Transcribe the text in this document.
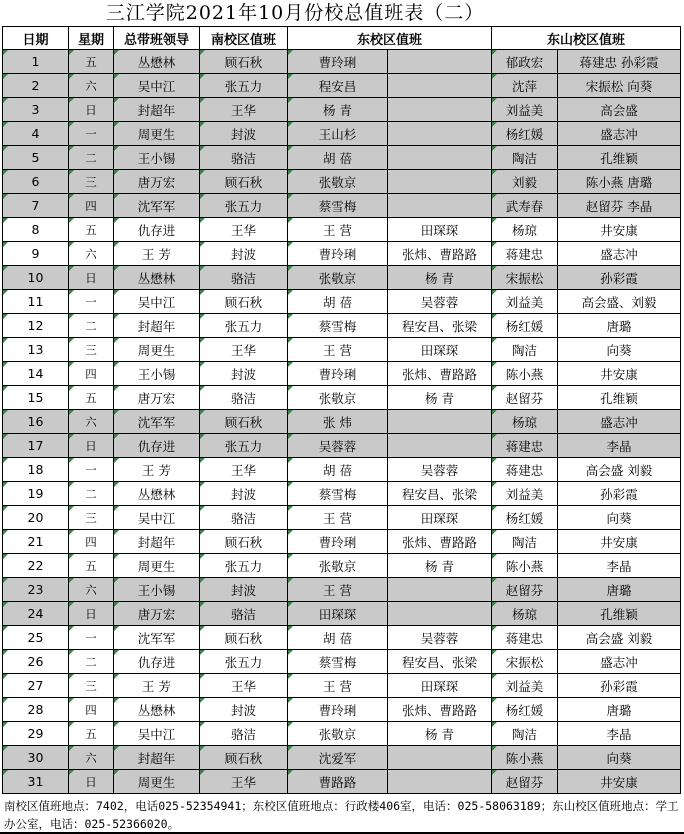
三江学院2021年10月份校总值班表（二）
日期	星期	总带班领导	南校区值班	东校区值班		东山校区值班	
1	五	丛懋林	顾石秋	曹玲琍		郁政宏	蒋建忠 孙彩霞
2	六	吴中江	张五力	程安昌		沈萍	宋振松 向葵
3	日	封超年	王华	杨 青		刘益美	高会盛
4	一	周更生	封波	王山杉		杨红媛	盛志冲
5	二	王小锡	骆洁	胡 蓓		陶洁	孔维颖
6	三	唐万宏	顾石秋	张敬京		刘毅	陈小燕 唐璐
7	四	沈军军	张五力	蔡雪梅		武寿春	赵留芬 李晶
8	五	仇存进	王华	王 营	田琛琛	杨琼	井安康
9	六	王 芳	封波	曹玲琍	张炜、曹路路	蒋建忠	盛志冲
10	日	丛懋林	骆洁	张敬京	杨 青	宋振松	孙彩霞
11	一	吴中江	顾石秋	胡 蓓	吴蓉蓉	刘益美	高会盛、刘毅
12	二	封超年	张五力	蔡雪梅	程安昌、张梁	杨红媛	唐璐
13	三	周更生	王华	王 营	田琛琛	陶洁	向葵
14	四	王小锡	封波	曹玲琍	张炜、曹路路	陈小燕	井安康
15	五	唐万宏	骆洁	张敬京	杨 青	赵留芬	孔维颖
16	六	沈军军	顾石秋	张 炜		杨琼	盛志冲
17	日	仇存进	张五力	吴蓉蓉		蒋建忠	李晶
18	一	王 芳	王华	胡 蓓	吴蓉蓉	蒋建忠	高会盛 刘毅
19	二	丛懋林	封波	蔡雪梅	程安昌、张梁	刘益美	孙彩霞
20	三	吴中江	骆洁	王 营	田琛琛	杨红媛	向葵
21	四	封超年	顾石秋	曹玲琍	张炜、曹路路	陶洁	井安康
22	五	周更生	张五力	张敬京	杨 青	陈小燕	李晶
23	六	王小锡	封波	王 营		赵留芬	唐璐
24	日	唐万宏	骆洁	田琛琛		杨琼	孔维颖
25	一	沈军军	顾石秋	胡 蓓	吴蓉蓉	蒋建忠	高会盛 刘毅
26	二	仇存进	张五力	蔡雪梅	程安昌、张梁	宋振松	盛志冲
27	三	王 芳	王华	王 营	田琛琛	刘益美	孙彩霞
28	四	丛懋林	封波	曹玲琍	张炜、曹路路	杨红媛	唐璐
29	五	吴中江	骆洁	张敬京	杨 青	陶洁	李晶
30	六	封超年	顾石秋	沈爱军		陈小燕	向葵
31	日	周更生	王华	曹路路		赵留芬	井安康
南校区值班地点：7402，电话025-52354941；东校区值班地点：行政楼406室，电话：025-58063189；东山校区值班地点：学工办公室，电话：025-52366020。
